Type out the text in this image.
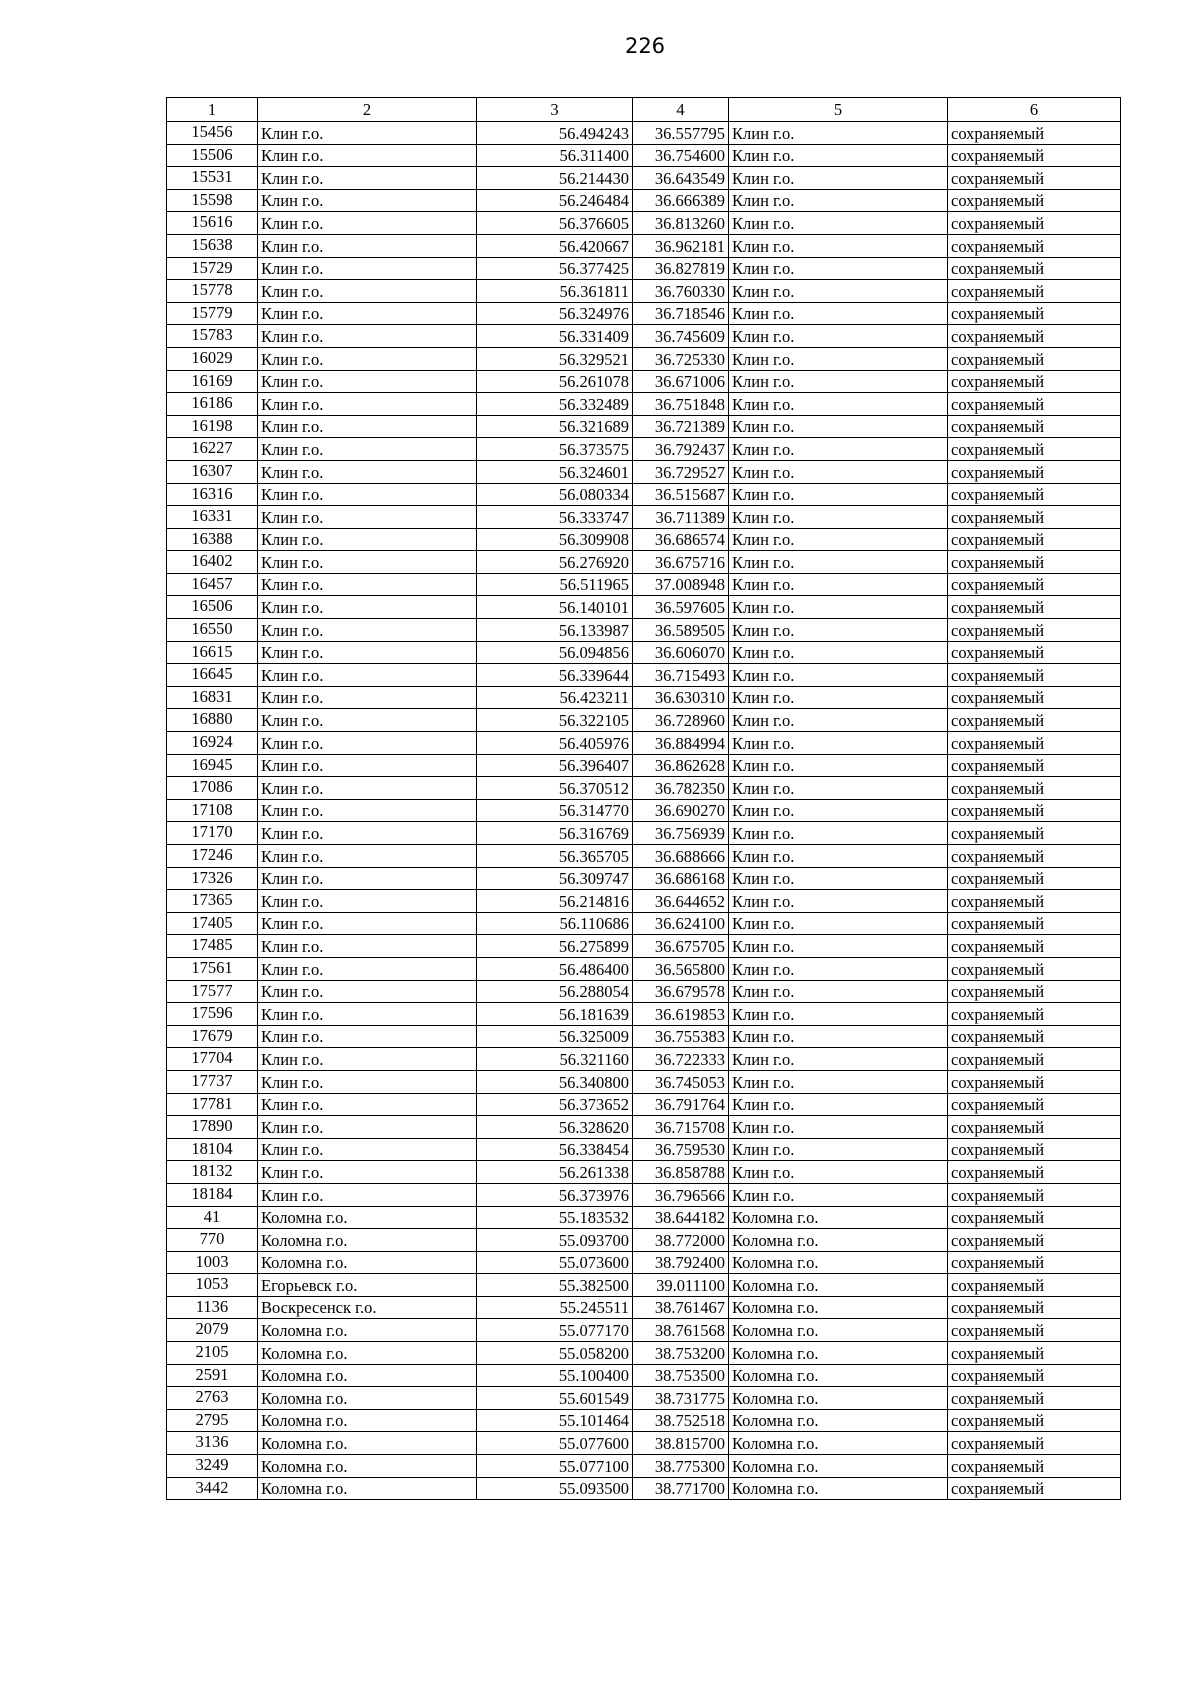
226
1	2	3	4	5	6
15456	Клин г.о.	56.494243	36.557795	Клин г.о.	сохраняемый
15506	Клин г.о.	56.311400	36.754600	Клин г.о.	сохраняемый
15531	Клин г.о.	56.214430	36.643549	Клин г.о.	сохраняемый
15598	Клин г.о.	56.246484	36.666389	Клин г.о.	сохраняемый
15616	Клин г.о.	56.376605	36.813260	Клин г.о.	сохраняемый
15638	Клин г.о.	56.420667	36.962181	Клин г.о.	сохраняемый
15729	Клин г.о.	56.377425	36.827819	Клин г.о.	сохраняемый
15778	Клин г.о.	56.361811	36.760330	Клин г.о.	сохраняемый
15779	Клин г.о.	56.324976	36.718546	Клин г.о.	сохраняемый
15783	Клин г.о.	56.331409	36.745609	Клин г.о.	сохраняемый
16029	Клин г.о.	56.329521	36.725330	Клин г.о.	сохраняемый
16169	Клин г.о.	56.261078	36.671006	Клин г.о.	сохраняемый
16186	Клин г.о.	56.332489	36.751848	Клин г.о.	сохраняемый
16198	Клин г.о.	56.321689	36.721389	Клин г.о.	сохраняемый
16227	Клин г.о.	56.373575	36.792437	Клин г.о.	сохраняемый
16307	Клин г.о.	56.324601	36.729527	Клин г.о.	сохраняемый
16316	Клин г.о.	56.080334	36.515687	Клин г.о.	сохраняемый
16331	Клин г.о.	56.333747	36.711389	Клин г.о.	сохраняемый
16388	Клин г.о.	56.309908	36.686574	Клин г.о.	сохраняемый
16402	Клин г.о.	56.276920	36.675716	Клин г.о.	сохраняемый
16457	Клин г.о.	56.511965	37.008948	Клин г.о.	сохраняемый
16506	Клин г.о.	56.140101	36.597605	Клин г.о.	сохраняемый
16550	Клин г.о.	56.133987	36.589505	Клин г.о.	сохраняемый
16615	Клин г.о.	56.094856	36.606070	Клин г.о.	сохраняемый
16645	Клин г.о.	56.339644	36.715493	Клин г.о.	сохраняемый
16831	Клин г.о.	56.423211	36.630310	Клин г.о.	сохраняемый
16880	Клин г.о.	56.322105	36.728960	Клин г.о.	сохраняемый
16924	Клин г.о.	56.405976	36.884994	Клин г.о.	сохраняемый
16945	Клин г.о.	56.396407	36.862628	Клин г.о.	сохраняемый
17086	Клин г.о.	56.370512	36.782350	Клин г.о.	сохраняемый
17108	Клин г.о.	56.314770	36.690270	Клин г.о.	сохраняемый
17170	Клин г.о.	56.316769	36.756939	Клин г.о.	сохраняемый
17246	Клин г.о.	56.365705	36.688666	Клин г.о.	сохраняемый
17326	Клин г.о.	56.309747	36.686168	Клин г.о.	сохраняемый
17365	Клин г.о.	56.214816	36.644652	Клин г.о.	сохраняемый
17405	Клин г.о.	56.110686	36.624100	Клин г.о.	сохраняемый
17485	Клин г.о.	56.275899	36.675705	Клин г.о.	сохраняемый
17561	Клин г.о.	56.486400	36.565800	Клин г.о.	сохраняемый
17577	Клин г.о.	56.288054	36.679578	Клин г.о.	сохраняемый
17596	Клин г.о.	56.181639	36.619853	Клин г.о.	сохраняемый
17679	Клин г.о.	56.325009	36.755383	Клин г.о.	сохраняемый
17704	Клин г.о.	56.321160	36.722333	Клин г.о.	сохраняемый
17737	Клин г.о.	56.340800	36.745053	Клин г.о.	сохраняемый
17781	Клин г.о.	56.373652	36.791764	Клин г.о.	сохраняемый
17890	Клин г.о.	56.328620	36.715708	Клин г.о.	сохраняемый
18104	Клин г.о.	56.338454	36.759530	Клин г.о.	сохраняемый
18132	Клин г.о.	56.261338	36.858788	Клин г.о.	сохраняемый
18184	Клин г.о.	56.373976	36.796566	Клин г.о.	сохраняемый
41	Коломна г.о.	55.183532	38.644182	Коломна г.о.	сохраняемый
770	Коломна г.о.	55.093700	38.772000	Коломна г.о.	сохраняемый
1003	Коломна г.о.	55.073600	38.792400	Коломна г.о.	сохраняемый
1053	Егорьевск г.о.	55.382500	39.011100	Коломна г.о.	сохраняемый
1136	Воскресенск г.о.	55.245511	38.761467	Коломна г.о.	сохраняемый
2079	Коломна г.о.	55.077170	38.761568	Коломна г.о.	сохраняемый
2105	Коломна г.о.	55.058200	38.753200	Коломна г.о.	сохраняемый
2591	Коломна г.о.	55.100400	38.753500	Коломна г.о.	сохраняемый
2763	Коломна г.о.	55.601549	38.731775	Коломна г.о.	сохраняемый
2795	Коломна г.о.	55.101464	38.752518	Коломна г.о.	сохраняемый
3136	Коломна г.о.	55.077600	38.815700	Коломна г.о.	сохраняемый
3249	Коломна г.о.	55.077100	38.775300	Коломна г.о.	сохраняемый
3442	Коломна г.о.	55.093500	38.771700	Коломна г.о.	сохраняемый
